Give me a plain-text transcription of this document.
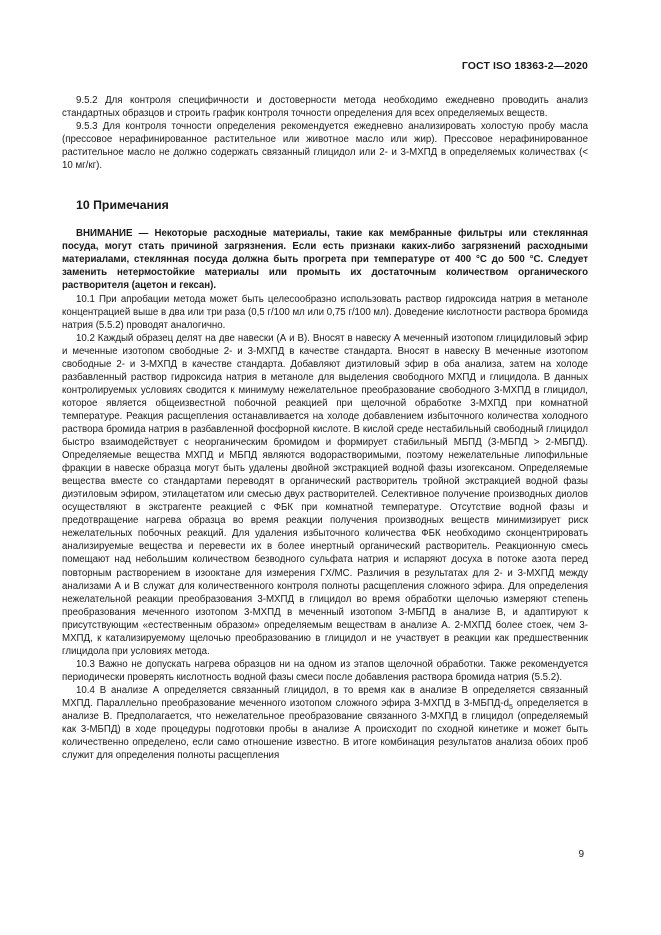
ГОСТ ISO 18363-2—2020

9.5.2 Для контроля специфичности и достоверности метода необходимо ежедневно проводить анализ стандартных образцов и строить график контроля точности определения для всех определяемых веществ.

9.5.3 Для контроля точности определения рекомендуется ежедневно анализировать холостую пробу масла (прессовое нерафинированное растительное или животное масло или жир). Прессовое нерафинированное растительное масло не должно содержать связанный глицидол или 2- и 3-МХПД в определяемых количествах (< 10 мг/кг).

10 Примечания

ВНИМАНИЕ — Некоторые расходные материалы, такие как мембранные фильтры или стеклянная посуда, могут стать причиной загрязнения. Если есть признаки каких-либо загрязнений расходными материалами, стеклянная посуда должна быть прогрета при температуре от 400 °С до 500 °С. Следует заменить нетермостойкие материалы или промыть их достаточным количеством органического растворителя (ацетон и гексан).

10.1 При апробации метода может быть целесообразно использовать раствор гидроксида натрия в метаноле концентрацией выше в два или три раза (0,5 г/100 мл или 0,75 г/100 мл). Доведение кислотности раствора бромида натрия (5.5.2) проводят аналогично.

10.2 Каждый образец делят на две навески (А и В). Вносят в навеску А меченный изотопом глицидиловый эфир и меченные изотопом свободные 2- и 3-МХПД в качестве стандарта. Вносят в навеску В меченные изотопом свободные 2- и 3-МХПД в качестве стандарта. Добавляют диэтиловый эфир в оба анализа, затем на холоде разбавленный раствор гидроксида натрия в метаноле для выделения свободного МХПД и глицидола. В данных контролируемых условиях сводится к минимуму нежелательное преобразование свободного 3-МХПД в глицидол, которое является общеизвестной побочной реакцией при щелочной обработке 3-МХПД при комнатной температуре. Реакция расщепления останавливается на холоде добавлением избыточного количества холодного раствора бромида натрия в разбавленной фосфорной кислоте. В кислой среде нестабильный свободный глицидол быстро взаимодействует с неорганическим бромидом и формирует стабильный МБПД (3-МБПД > 2-МБПД). Определяемые вещества МХПД и МБПД являются водорастворимыми, поэтому нежелательные липофильные фракции в навеске образца могут быть удалены двойной экстракцией водной фазы изогексаном. Определяемые вещества вместе со стандартами переводят в органический растворитель тройной экстракцией водной фазы диэтиловым эфиром, этилацетатом или смесью двух растворителей. Селективное получение производных диолов осуществляют в экстрагенте реакцией с ФБК при комнатной температуре. Отсутствие водной фазы и предотвращение нагрева образца во время реакции получения производных веществ минимизирует риск нежелательных побочных реакций. Для удаления избыточного количества ФБК необходимо сконцентрировать анализируемые вещества и перевести их в более инертный органический растворитель. Реакционную смесь помещают над небольшим количеством безводного сульфата натрия и испаряют досуха в потоке азота перед повторным растворением в изооктане для измерения ГХ/МС. Различия в результатах для 2- и 3-МХПД между анализами А и В служат для количественного контроля полноты расщепления сложного эфира. Для определения нежелательной реакции преобразования 3-МХПД в глицидол во время обработки щелочью измеряют степень преобразования меченного изотопом 3-МХПД в меченный изотопом 3-МБПД в анализе В, и адаптируют к присутствующим «естественным образом» определяемым веществам в анализе А. 2-МХПД более стоек, чем 3-МХПД, к катализируемому щелочью преобразованию в глицидол и не участвует в реакции как предшественник глицидола при условиях метода.

10.3 Важно не допускать нагрева образцов ни на одном из этапов щелочной обработки. Также рекомендуется периодически проверять кислотность водной фазы смеси после добавления раствора бромида натрия (5.5.2).

10.4 В анализе А определяется связанный глицидол, в то время как в анализе В определяется связанный МХПД. Параллельно преобразование меченного изотопом сложного эфира 3-МХПД в $3-МБПД-d_5$ определяется в анализе В. Предполагается, что нежелательное преобразование связанного 3-МХПД в глицидол (определяемый как 3-МБПД) в ходе процедуры подготовки пробы в анализе А происходит по сходной кинетике и может быть количественно определено, если само отношение известно. В итоге комбинация результатов анализа обоих проб служит для определения полноты расщепления

9
